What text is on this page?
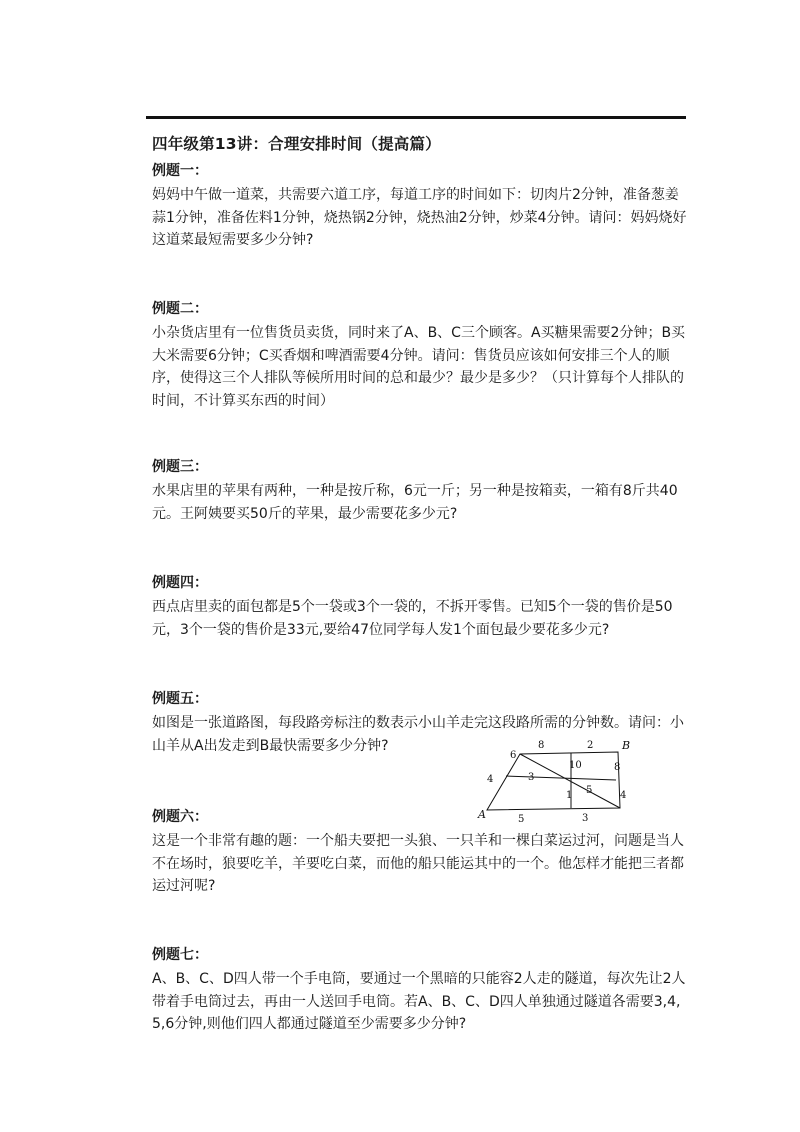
四年级第13讲：合理安排时间（提高篇）

例题一：

妈妈中午做一道菜，共需要六道工序，每道工序的时间如下：切肉片2分钟，准备葱姜蒜1分钟，准备佐料1分钟，烧热锅2分钟，烧热油2分钟，炒菜4分钟。请问：妈妈烧好这道菜最短需要多少分钟?

例题二：

小杂货店里有一位售货员卖货，同时来了A、B、C三个顾客。A买糖果需要2分钟；B买大米需要6分钟；C买香烟和啤酒需要4分钟。请问：售货员应该如何安排三个人的顺序，使得这三个人排队等候所用时间的总和最少？最少是多少？（只计算每个人排队的时间，不计算买东西的时间）

例题三：

水果店里的苹果有两种，一种是按斤称，6元一斤；另一种是按箱卖，一箱有8斤共40元。王阿姨要买50斤的苹果，最少需要花多少元?

例题四：

西点店里卖的面包都是5个一袋或3个一袋的，不拆开零售。已知5个一袋的售价是50元，3个一袋的售价是33元,要给47位同学每人发1个面包最少要花多少元?

例题五：

如图是一张道路图，每段路旁标注的数表示小山羊走完这段路所需的分钟数。请问：小山羊从A出发走到B最快需要多少分钟?

A
B
8	2
6
4
8
4
5	3
3
10
1 5

例题六：

这是一个非常有趣的题：一个船夫要把一头狼、一只羊和一棵白菜运过河，问题是当人不在场时，狼要吃羊，羊要吃白菜，而他的船只能运其中的一个。他怎样才能把三者都运过河呢?

例题七：

A、B、C、D四人带一个手电筒，要通过一个黑暗的只能容2人走的隧道，每次先让2人带着手电筒过去，再由一人送回手电筒。若A、B、C、D四人单独通过隧道各需要3,4,5,6分钟,则他们四人都通过隧道至少需要多少分钟?
